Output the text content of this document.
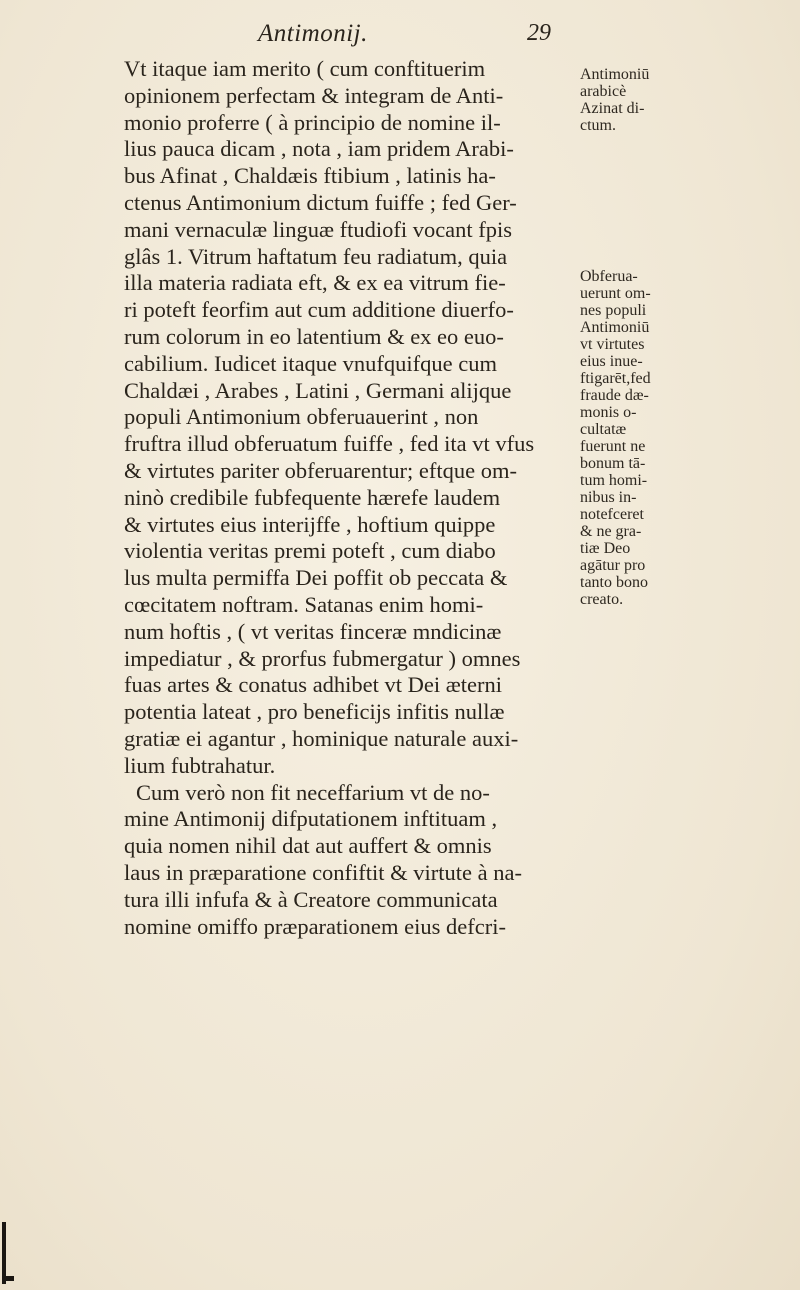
Antimonij.	29
Vt itaque iam merito ( cum conftituerim
opinionem perfectam & integram de Anti-
monio proferre ( à principio de nomine il-
lius pauca dicam , nota , iam pridem Arabi-
bus Afinat , Chaldæis ftibium , latinis ha-
ctenus Antimonium dictum fuiffe ; fed Ger-
mani vernaculæ linguæ ftudiofi vocant fpis
glâs 1. Vitrum haftatum feu radiatum, quia
illa materia radiata eft, & ex ea vitrum fie-
ri poteft feorfim aut cum additione diuerfo-
rum colorum in eo latentium & ex eo euo-
cabilium. Iudicet itaque vnufquifque cum
Chaldæi , Arabes , Latini , Germani alijque
populi Antimonium obferuauerint , non
fruftra illud obferuatum fuiffe , fed ita vt vfus
& virtutes pariter obferuarentur; eftque om-
ninò credibile fubfequente hærefe laudem
& virtutes eius interijffe , hoftium quippe
violentia veritas premi poteft , cum diabo
lus multa permiffa Dei poffit ob peccata &
cœcitatem noftram. Satanas enim homi-
num hoftis , ( vt veritas finceræ mndicinæ
impediatur , & prorfus fubmergatur ) omnes
fuas artes & conatus adhibet vt Dei æterni
potentia lateat , pro beneficijs infitis nullæ
gratiæ ei agantur , hominique naturale auxi-
lium fubtrahatur.
Cum verò non fit neceffarium vt de no-
mine Antimonij difputationem inftituam ,
quia nomen nihil dat aut auffert & omnis
laus in præparatione confiftit & virtute à na-
tura illi infufa & à Creatore communicata
nomine omiffo præparationem eius defcri-
Antimoniū
arabicè
Azinat di-
ctum.
Obferua-
uerunt om-
nes populi
Antimoniū
vt virtutes
eius inue-
ftigarēt,fed
fraude dæ-
monis o-
cultatæ
fuerunt ne
bonum tā-
tum homi-
nibus in-
notefceret
& ne gra-
tiæ Deo
agātur pro
tanto bono
creato.
